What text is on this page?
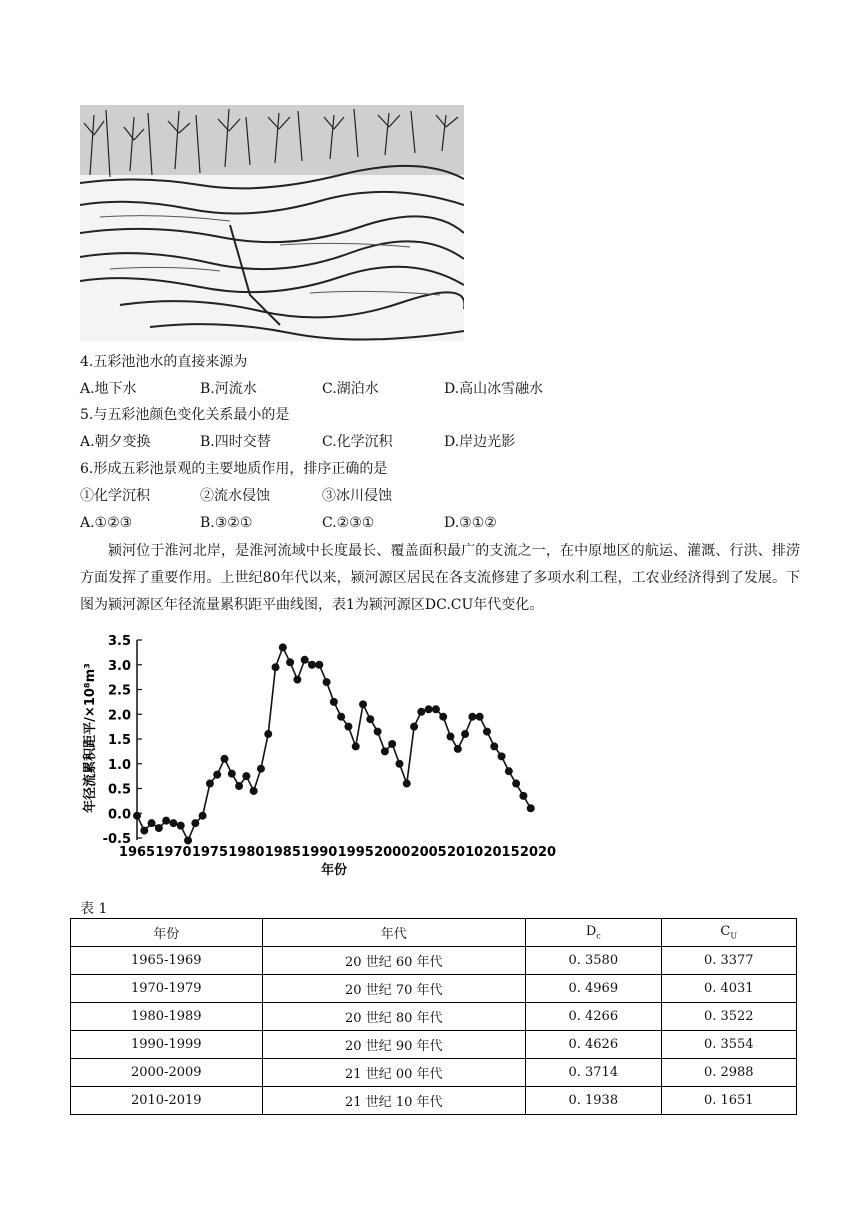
4.五彩池池水的直接来源为
A.地下水	B.河流水	C.湖泊水	D.高山冰雪融水
5.与五彩池颜色变化关系最小的是
A.朝夕变换	B.四时交替	C.化学沉积	D.岸边光影
6.形成五彩池景观的主要地质作用，排序正确的是
①化学沉积	②流水侵蚀	③冰川侵蚀
A.①②③	B.③②①	C.②③①	D.③①②
颍河位于淮河北岸，是淮河流域中长度最长、覆盖面积最广的支流之一，在中原地区的航运、灌溉、行洪、排涝方面发挥了重要作用。上世纪80年代以来，颍河源区居民在各支流修建了多项水利工程，工农业经济得到了发展。下图为颍河源区年径流量累积距平曲线图，表1为颍河源区DC.CU年代变化。
-0.5
0.0
0.5
1.0
1.5
2.0
2.5
3.0
3.5
1965 1970 1975 1980 1985 1990 1995 2000 2005 2010 2015 2020
年径流累积距平/×10⁸m³
年份
表 1
年份	年代	$D_c$	$C_U$
1965-1969	20 世纪 60 年代	0. 3580	0. 3377
1970-1979	20 世纪 70 年代	0. 4969	0. 4031
1980-1989	20 世纪 80 年代	0. 4266	0. 3522
1990-1999	20 世纪 90 年代	0. 4626	0. 3554
2000-2009	21 世纪 00 年代	0. 3714	0. 2988
2010-2019	21 世纪 10 年代	0. 1938	0. 1651
